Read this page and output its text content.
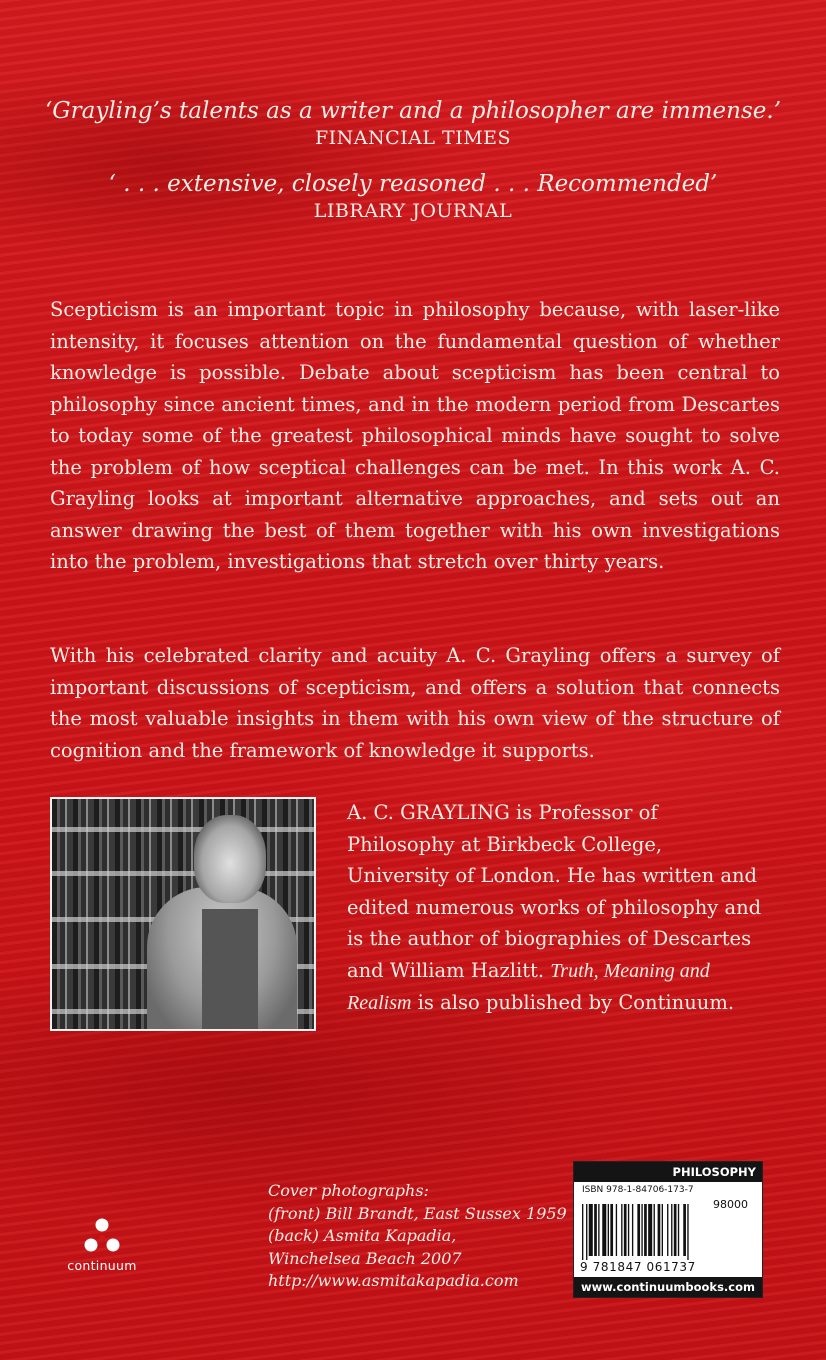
‘Grayling’s talents as a writer and a philosopher are immense.’
FINANCIAL TIMES
‘ . . . extensive, closely reasoned . . . Recommended’
LIBRARY JOURNAL

Scepticism is an important topic in philosophy because, with laser-like intensity, it focuses attention on the fundamental question of whether knowledge is possible. Debate about scepticism has been central to philosophy since ancient times, and in the modern period from Descartes to today some of the greatest philosophical minds have sought to solve the problem of how sceptical challenges can be met. In this work A. C. Grayling looks at important alternative approaches, and sets out an answer drawing the best of them together with his own investigations into the problem, investigations that stretch over thirty years.

With his celebrated clarity and acuity A. C. Grayling offers a survey of important discussions of scepticism, and offers a solution that connects the most valuable insights in them with his own view of the structure of cognition and the framework of knowledge it supports.

A. C. GRAYLING is Professor of Philosophy at Birkbeck College, University of London. He has written and edited numerous works of philosophy and is the author of biographies of Descartes and William Hazlitt. Truth, Meaning and Realism is also published by Continuum.

continuum
Cover photographs:
(front) Bill Brandt, East Sussex 1959
(back) Asmita Kapadia,
Winchelsea Beach 2007
http://www.asmitakapadia.com
PHILOSOPHY
ISBN 978-1-84706-173-7
98000
9 781847 061737
www.continuumbooks.com
